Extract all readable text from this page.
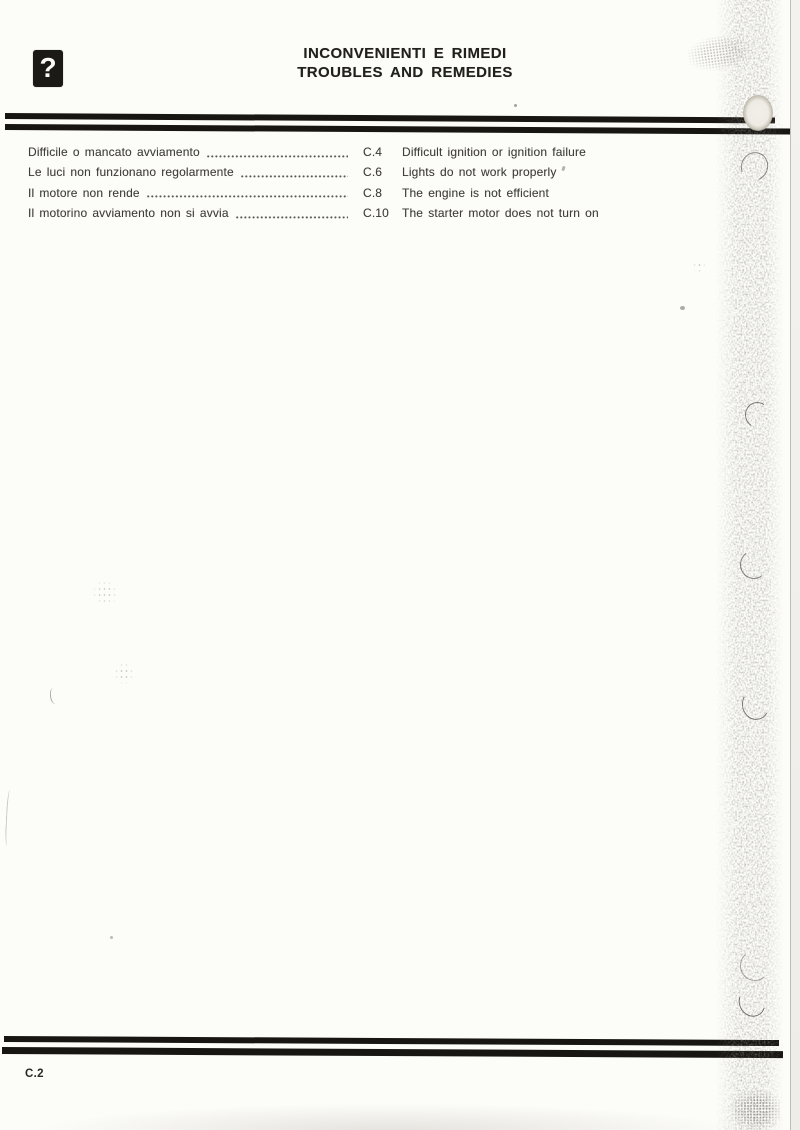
?	INCONVENIENTI E RIMEDI
TROUBLES AND REMEDIES
Difficile o mancato avviamento	C.4	Difficult ignition or ignition failure
Le luci non funzionano regolarmente	C.6	Lights do not work properly
Il motore non rende	C.8	The engine is not efficient
Il motorino avviamento non si avvia	C.10	The starter motor does not turn on
C.2
